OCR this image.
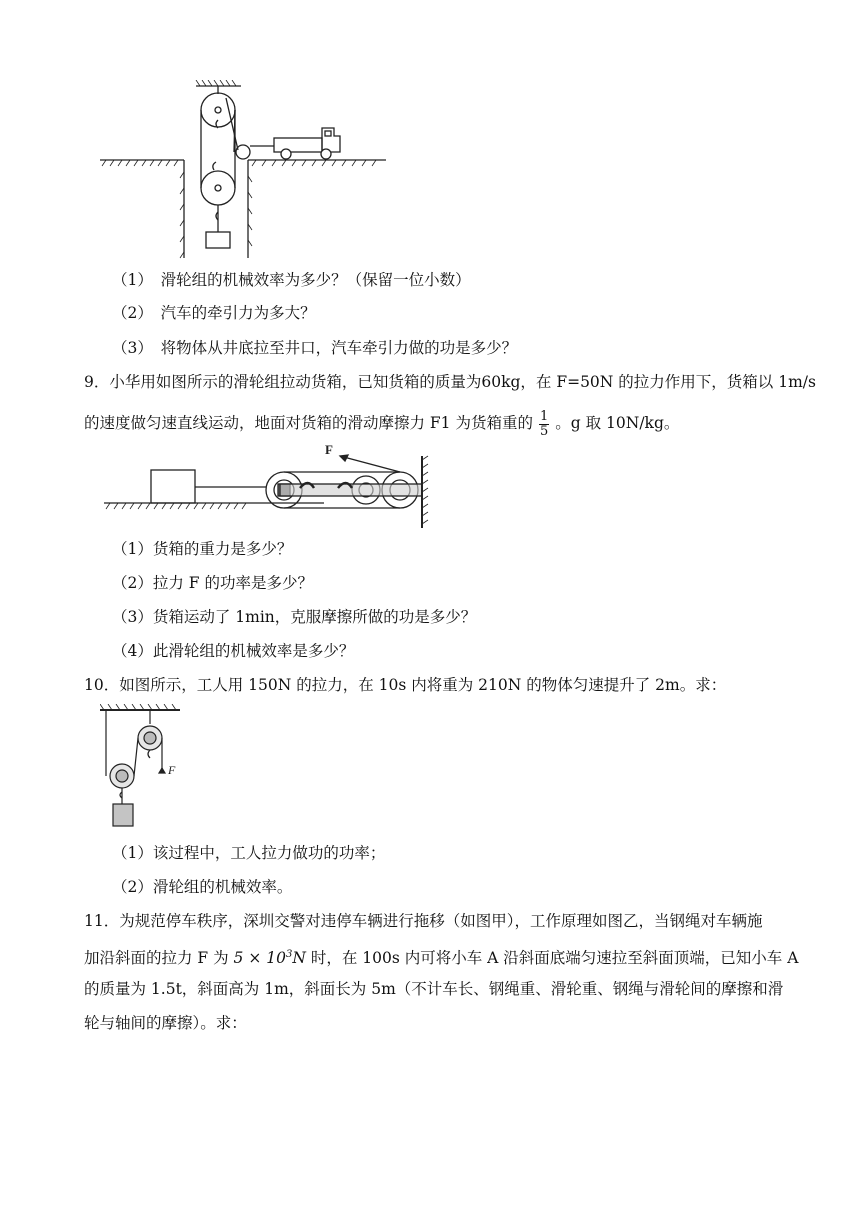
（1）　滑轮组的机械效率为多少？（保留一位小数）
（2）　汽车的牵引力为多大？
（3）　将物体从井底拉至井口，汽车牵引力做的功是多少？
9．小华用如图所示的滑轮组拉动货箱，已知货箱的质量为60kg，在 F=50N 的拉力作用下，货箱以 1m/s
的速度做匀速直线运动，地面对货箱的滑动摩擦力 F1 为货箱重的 $\frac{1}{5}$ 。g 取 10N/kg。
F
（1）货箱的重力是多少？
（2）拉力 F 的功率是多少？
（3）货箱运动了 1min，克服摩擦所做的功是多少？
（4）此滑轮组的机械效率是多少？
10．如图所示，工人用 150N 的拉力，在 10s 内将重为 210N 的物体匀速提升了 2m。求：
F
（1）该过程中，工人拉力做功的功率；
（2）滑轮组的机械效率。
11．为规范停车秩序，深圳交警对违停车辆进行拖移（如图甲），工作原理如图乙，当钢绳对车辆施
加沿斜面的拉力 F 为 $5 \times 10^3N$ 时，在 100s 内可将小车 A 沿斜面底端匀速拉至斜面顶端，已知小车 A
的质量为 1.5t，斜面高为 1m，斜面长为 5m（不计车长、钢绳重、滑轮重、钢绳与滑轮间的摩擦和滑
轮与轴间的摩擦）。求：
